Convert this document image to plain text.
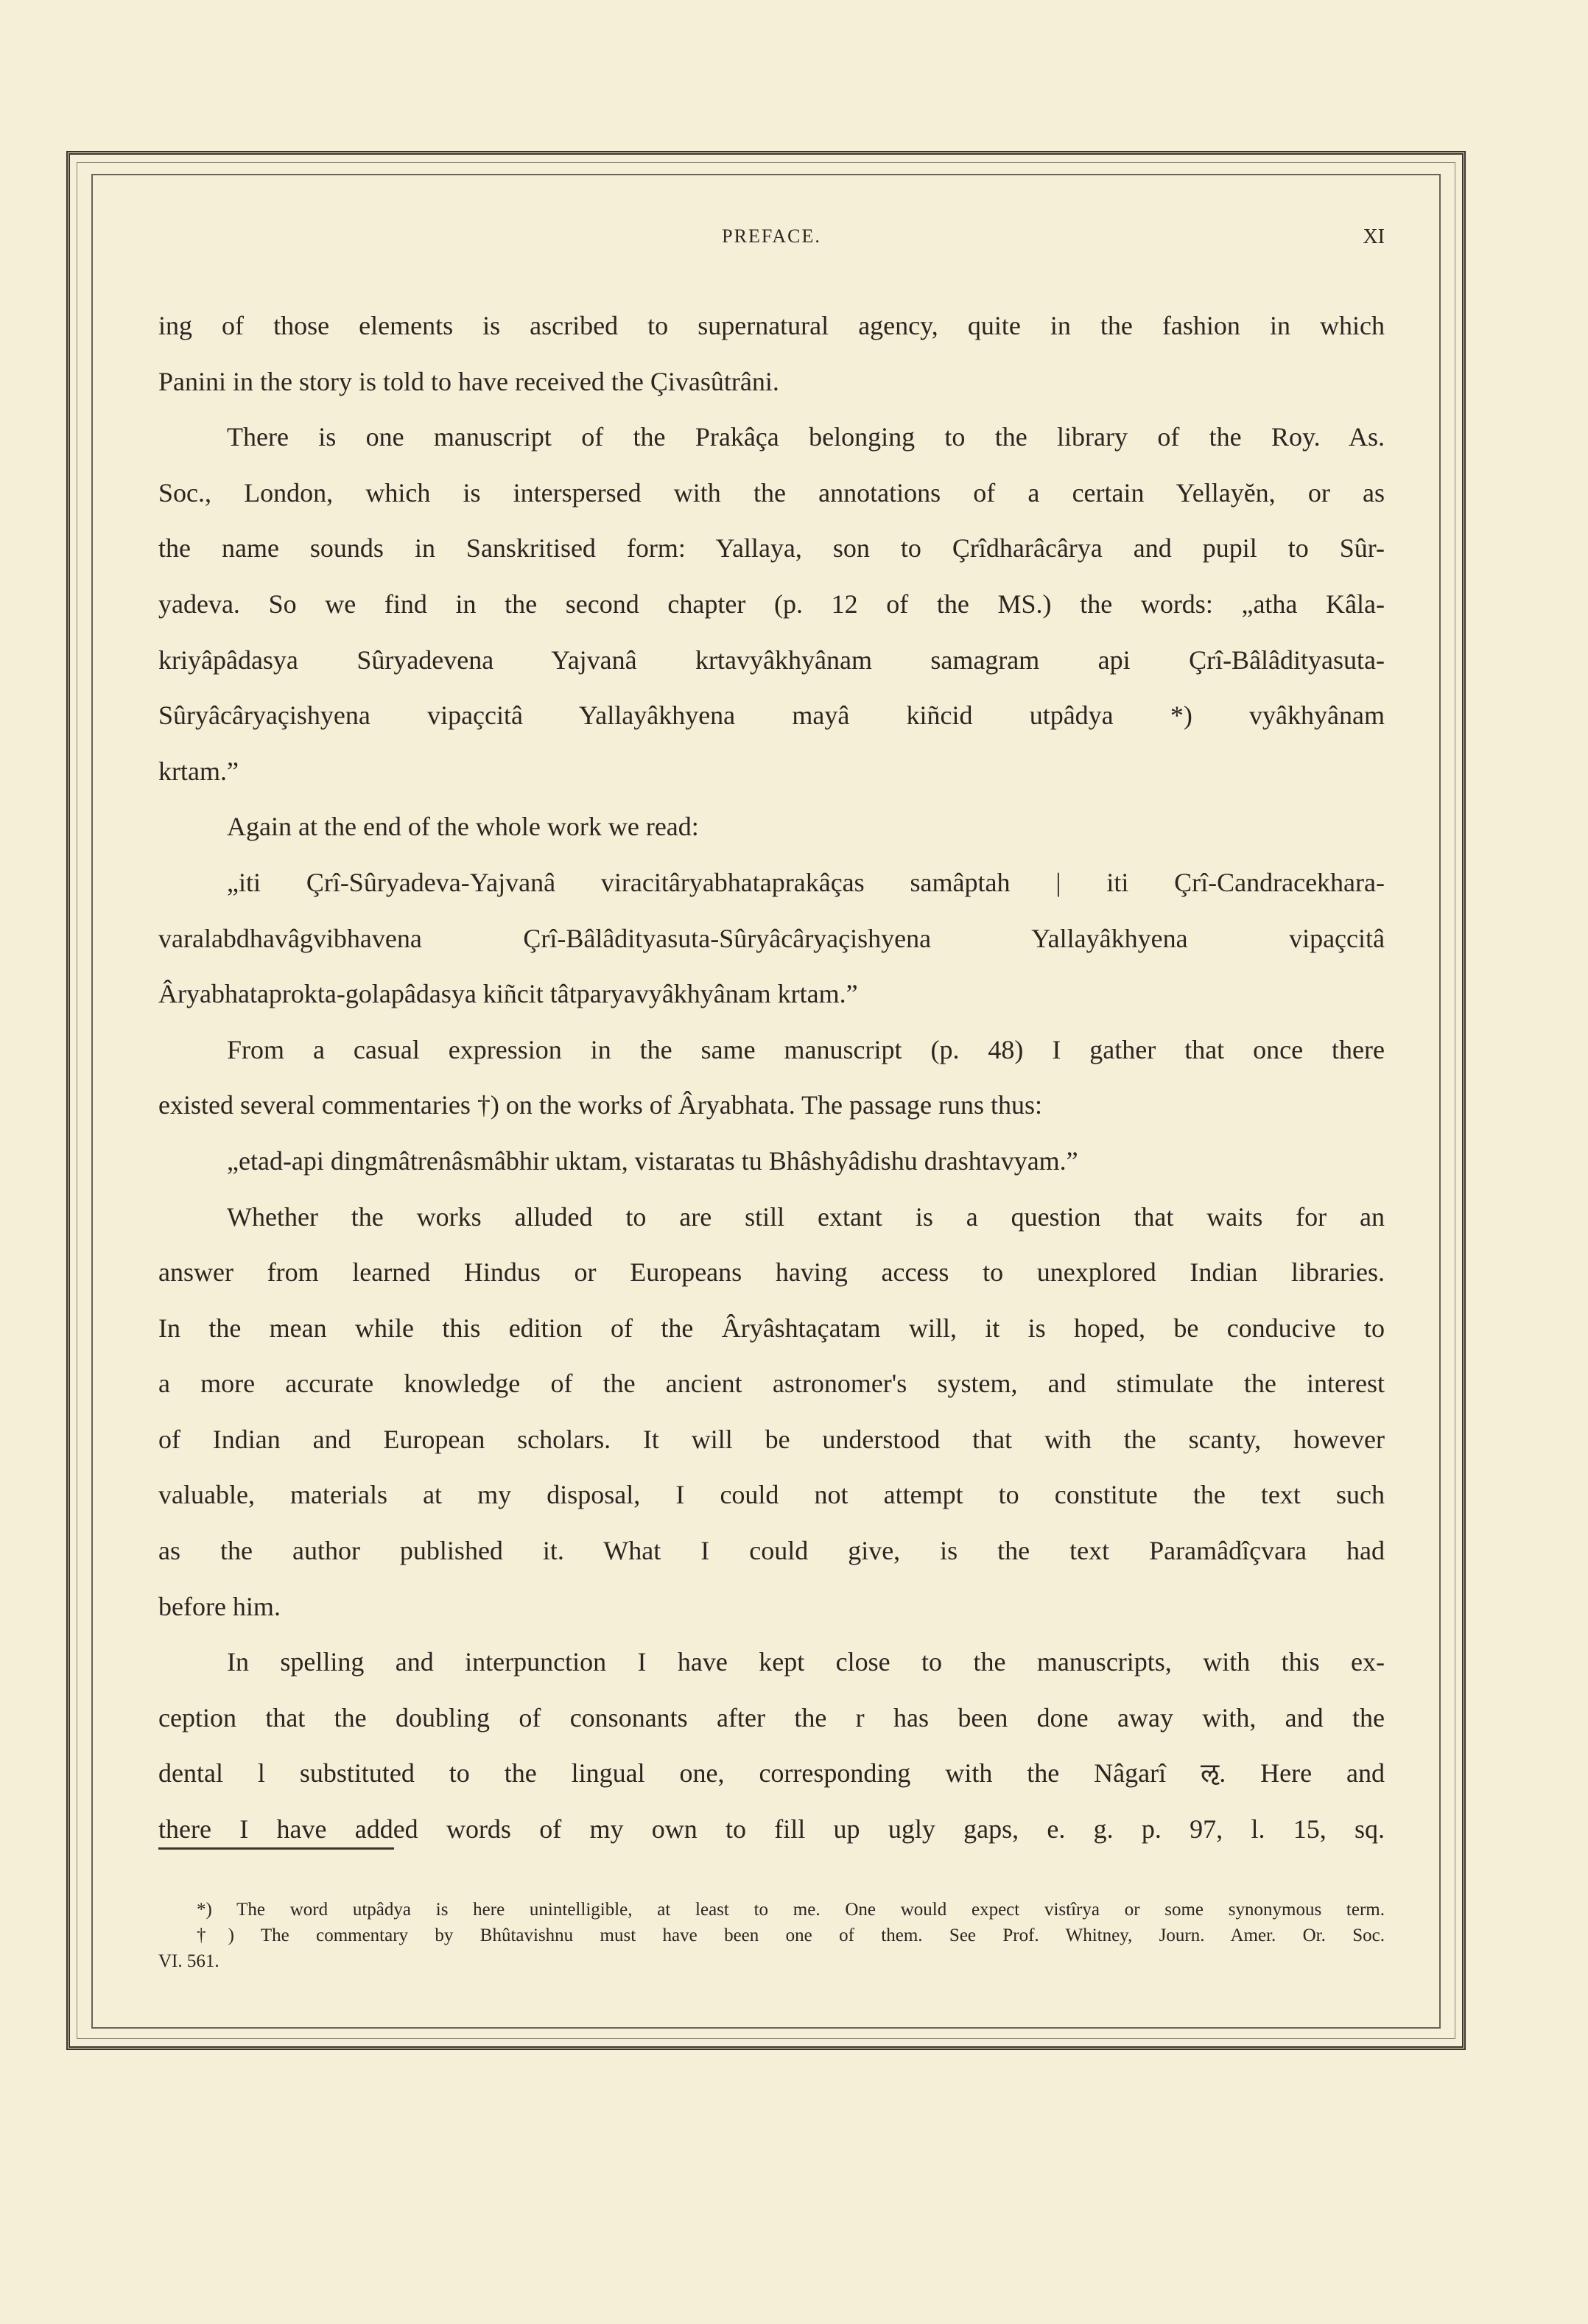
PREFACE.	XI
ing of those elements is ascribed to supernatural agency, quite in the fashion in which
Panini in the story is told to have received the Çivasûtrâni.
There is one manuscript of the Prakâça belonging to the library of the Roy. As.
Soc., London, which is interspersed with the annotations of a certain Yellayĕn, or as
the name sounds in Sanskritised form: Yallaya, son to Çrîdharâcârya and pupil to Sûr-
yadeva. So we find in the second chapter (p. 12 of the MS.) the words: „atha Kâla-
kriyâpâdasya Sûryadevena Yajvanâ krtavyâkhyânam samagram api Çrî-Bâlâdityasuta-
Sûryâcâryaçishyena vipaçcitâ Yallayâkhyena mayâ kiñcid utpâdya *) vyâkhyânam
krtam.”
Again at the end of the whole work we read:
„iti Çrî-Sûryadeva-Yajvanâ viracitâryabhataprakâças samâptah | iti Çrî-Candracekhara-
varalabdhavâgvibhavena Çrî-Bâlâdityasuta-Sûryâcâryaçishyena Yallayâkhyena vipaçcitâ
Âryabhataprokta-golapâdasya kiñcit tâtparyavyâkhyânam krtam.”
From a casual expression in the same manuscript (p. 48) I gather that once there
existed several commentaries †) on the works of Âryabhata. The passage runs thus:
„etad-api dingmâtrenâsmâbhir uktam, vistaratas tu Bhâshyâdishu drashtavyam.”
Whether the works alluded to are still extant is a question that waits for an
answer from learned Hindus or Europeans having access to unexplored Indian libraries.
In the mean while this edition of the Âryâshtaçatam will, it is hoped, be conducive to
a more accurate knowledge of the ancient astronomer's system, and stimulate the interest
of Indian and European scholars. It will be understood that with the scanty, however
valuable, materials at my disposal, I could not attempt to constitute the text such
as the author published it. What I could give, is the text Paramâdîçvara had
before him.
In spelling and interpunction I have kept close to the manuscripts, with this ex-
ception that the doubling of consonants after the r has been done away with, and the
dental l substituted to the lingual one, corresponding with the Nâgarî ऌ. Here and
there I have added words of my own to fill up ugly gaps, e. g. p. 97, l. 15, sq.
*) The word utpâdya is here unintelligible, at least to me. One would expect vistîrya or some synonymous term.
†) The commentary by Bhûtavishnu must have been one of them. See Prof. Whitney, Journ. Amer. Or. Soc.
VI. 561.
